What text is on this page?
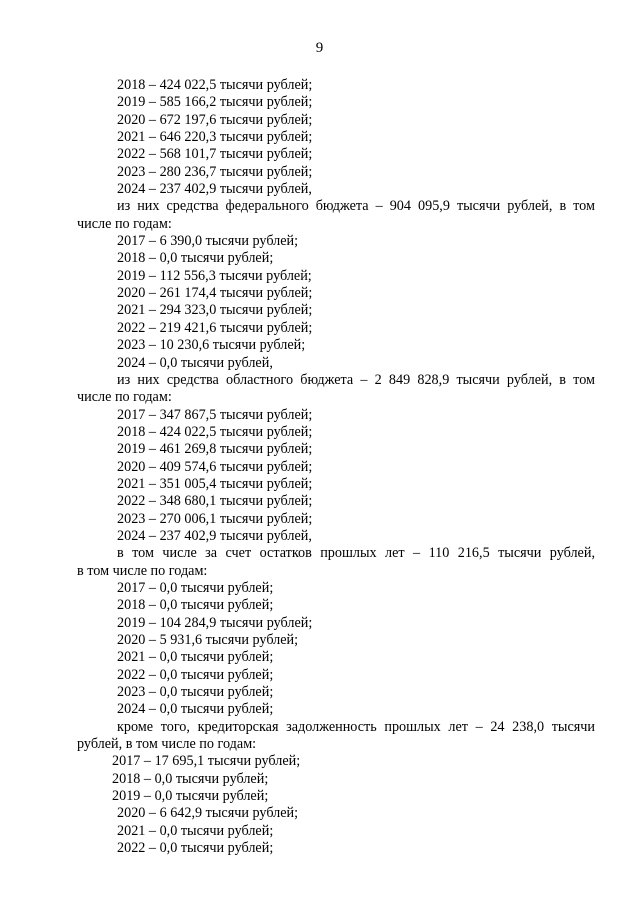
9
2018 – 424 022,5 тысячи рублей;
2019 – 585 166,2 тысячи рублей;
2020 – 672 197,6 тысячи рублей;
2021 – 646 220,3 тысячи рублей;
2022 – 568 101,7 тысячи рублей;
2023 – 280 236,7 тысячи рублей;
2024 – 237 402,9 тысячи рублей,
из них средства федерального бюджета – 904 095,9 тысячи рублей, в том
числе по годам:
2017 – 6 390,0 тысячи рублей;
2018 – 0,0 тысячи рублей;
2019 – 112 556,3 тысячи рублей;
2020 – 261 174,4 тысячи рублей;
2021 – 294 323,0 тысячи рублей;
2022 – 219 421,6 тысячи рублей;
2023 – 10 230,6 тысячи рублей;
2024 – 0,0 тысячи рублей,
из них средства областного бюджета – 2 849 828,9 тысячи рублей, в том
числе по годам:
2017 – 347 867,5 тысячи рублей;
2018 – 424 022,5 тысячи рублей;
2019 – 461 269,8 тысячи рублей;
2020 – 409 574,6 тысячи рублей;
2021 – 351 005,4 тысячи рублей;
2022 – 348 680,1 тысячи рублей;
2023 – 270 006,1 тысячи рублей;
2024 – 237 402,9 тысячи рублей,
в том числе за счет остатков прошлых лет – 110 216,5 тысячи рублей,
в том числе по годам:
2017 – 0,0 тысячи рублей;
2018 – 0,0 тысячи рублей;
2019 – 104 284,9 тысячи рублей;
2020 – 5 931,6 тысячи рублей;
2021 – 0,0 тысячи рублей;
2022 – 0,0 тысячи рублей;
2023 – 0,0 тысячи рублей;
2024 – 0,0 тысячи рублей;
кроме того, кредиторская задолженность прошлых лет – 24 238,0 тысячи
рублей, в том числе по годам:
2017 – 17 695,1 тысячи рублей;
2018 – 0,0 тысячи рублей;
2019 – 0,0 тысячи рублей;
2020 – 6 642,9 тысячи рублей;
2021 – 0,0 тысячи рублей;
2022 – 0,0 тысячи рублей;
